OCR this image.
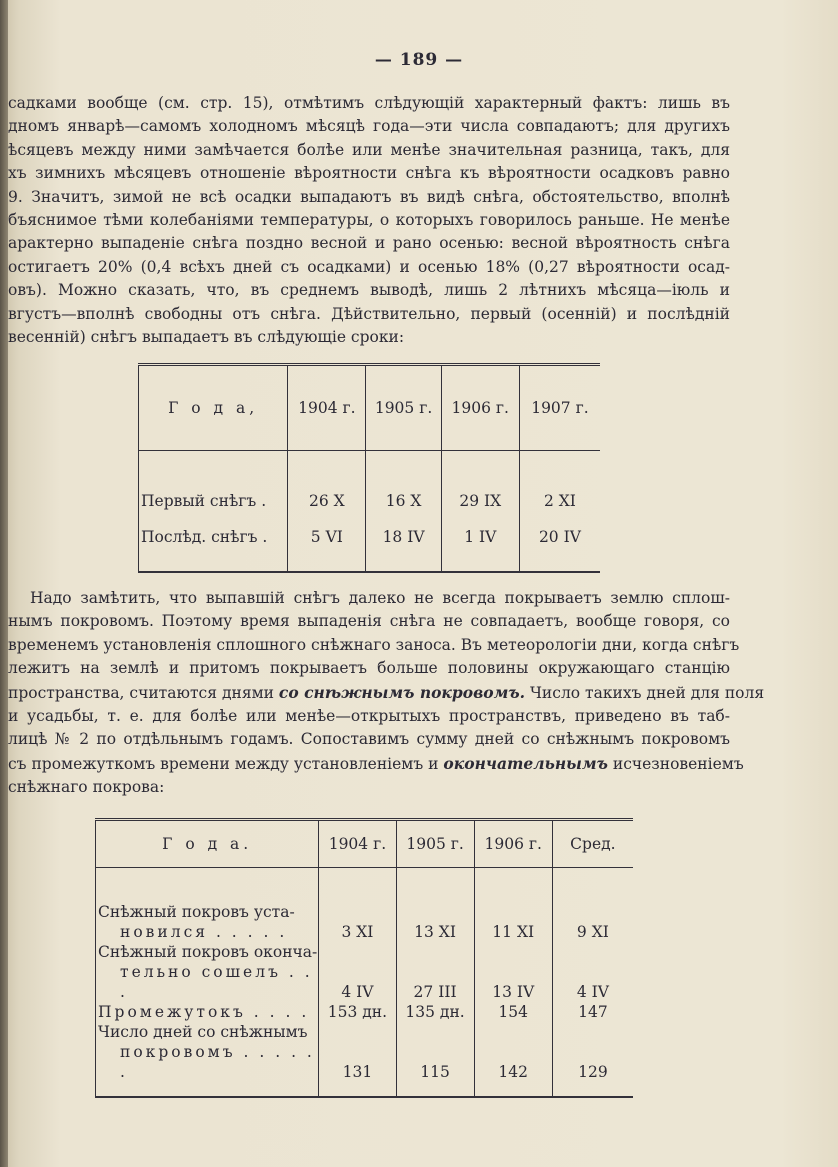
— 189 —

садками вообще (см. стр. 15), отмѣтимъ слѣдующій характерный фактъ: лишь въ
дномъ январѣ—самомъ холодномъ мѣсяцѣ года—эти числа совпадаютъ; для другихъ
ѣсяцевъ между ними замѣчается болѣе или менѣе значительная разница, такъ, для
хъ зимнихъ мѣсяцевъ отношеніе вѣроятности снѣга къ вѣроятности осадковъ равно
9. Значитъ, зимой не всѣ осадки выпадаютъ въ видѣ снѣга, обстоятельство, вполнѣ
бъяснимое тѣми колебаніями температуры, о которыхъ говорилось раньше. Не менѣе
арактерно выпаденіе снѣга поздно весной и рано осенью: весной вѣроятность снѣга
остигаетъ 20% (0,4 всѣхъ дней съ осадками) и осенью 18% (0,27 вѣроятности осад-
овъ). Можно сказать, что, въ среднемъ выводѣ, лишь 2 лѣтнихъ мѣсяца—іюль и
вгустъ—вполнѣ свободны отъ снѣга. Дѣйствительно, первый (осенній) и послѣдній
весенній) снѣгъ выпадаетъ въ слѣдующіе сроки:

Г о д а,	1904 г.	1905 г.	1906 г.	1907 г.
Первый снѣгъ .	26 X	16 X	29 IX	2 XI
Послѣд. снѣгъ .	5 VI	18 IV	1 IV	20 IV

Надо замѣтить, что выпавшій снѣгъ далеко не всегда покрываетъ землю сплош-
нымъ покровомъ. Поэтому время выпаденія снѣга не совпадаетъ, вообще говоря, со
временемъ установленія сплошного снѣжнаго заноса. Въ метеорологіи дни, когда снѣгъ
лежитъ на землѣ и притомъ покрываетъ больше половины окружающаго станцію
пространства, считаются днями со снѣжнымъ покровомъ. Число такихъ дней для поля
и усадьбы, т. е. для болѣе или менѣе—открытыхъ пространствъ, приведено въ таб-
лицѣ № 2 по отдѣльнымъ годамъ. Сопоставимъ сумму дней со снѣжнымъ покровомъ
съ промежуткомъ времени между установленіемъ и окончательнымъ исчезновеніемъ
снѣжнаго покрова:

Г о д а.	1904 г.	1905 г.	1906 г.	Сред.

Снѣжный покровъ уста-
новился . . . . .	3 XI	13 XI	11 XI	9 XI

Снѣжный покровъ оконча-
тельно сошелъ . . .	4 IV	27 III	13 IV	4 IV

Промежутокъ . . . .	153 дн.	135 дн.	154	147

Число дней со снѣжнымъ
покровомъ . . . . . .	131	115	142	129
